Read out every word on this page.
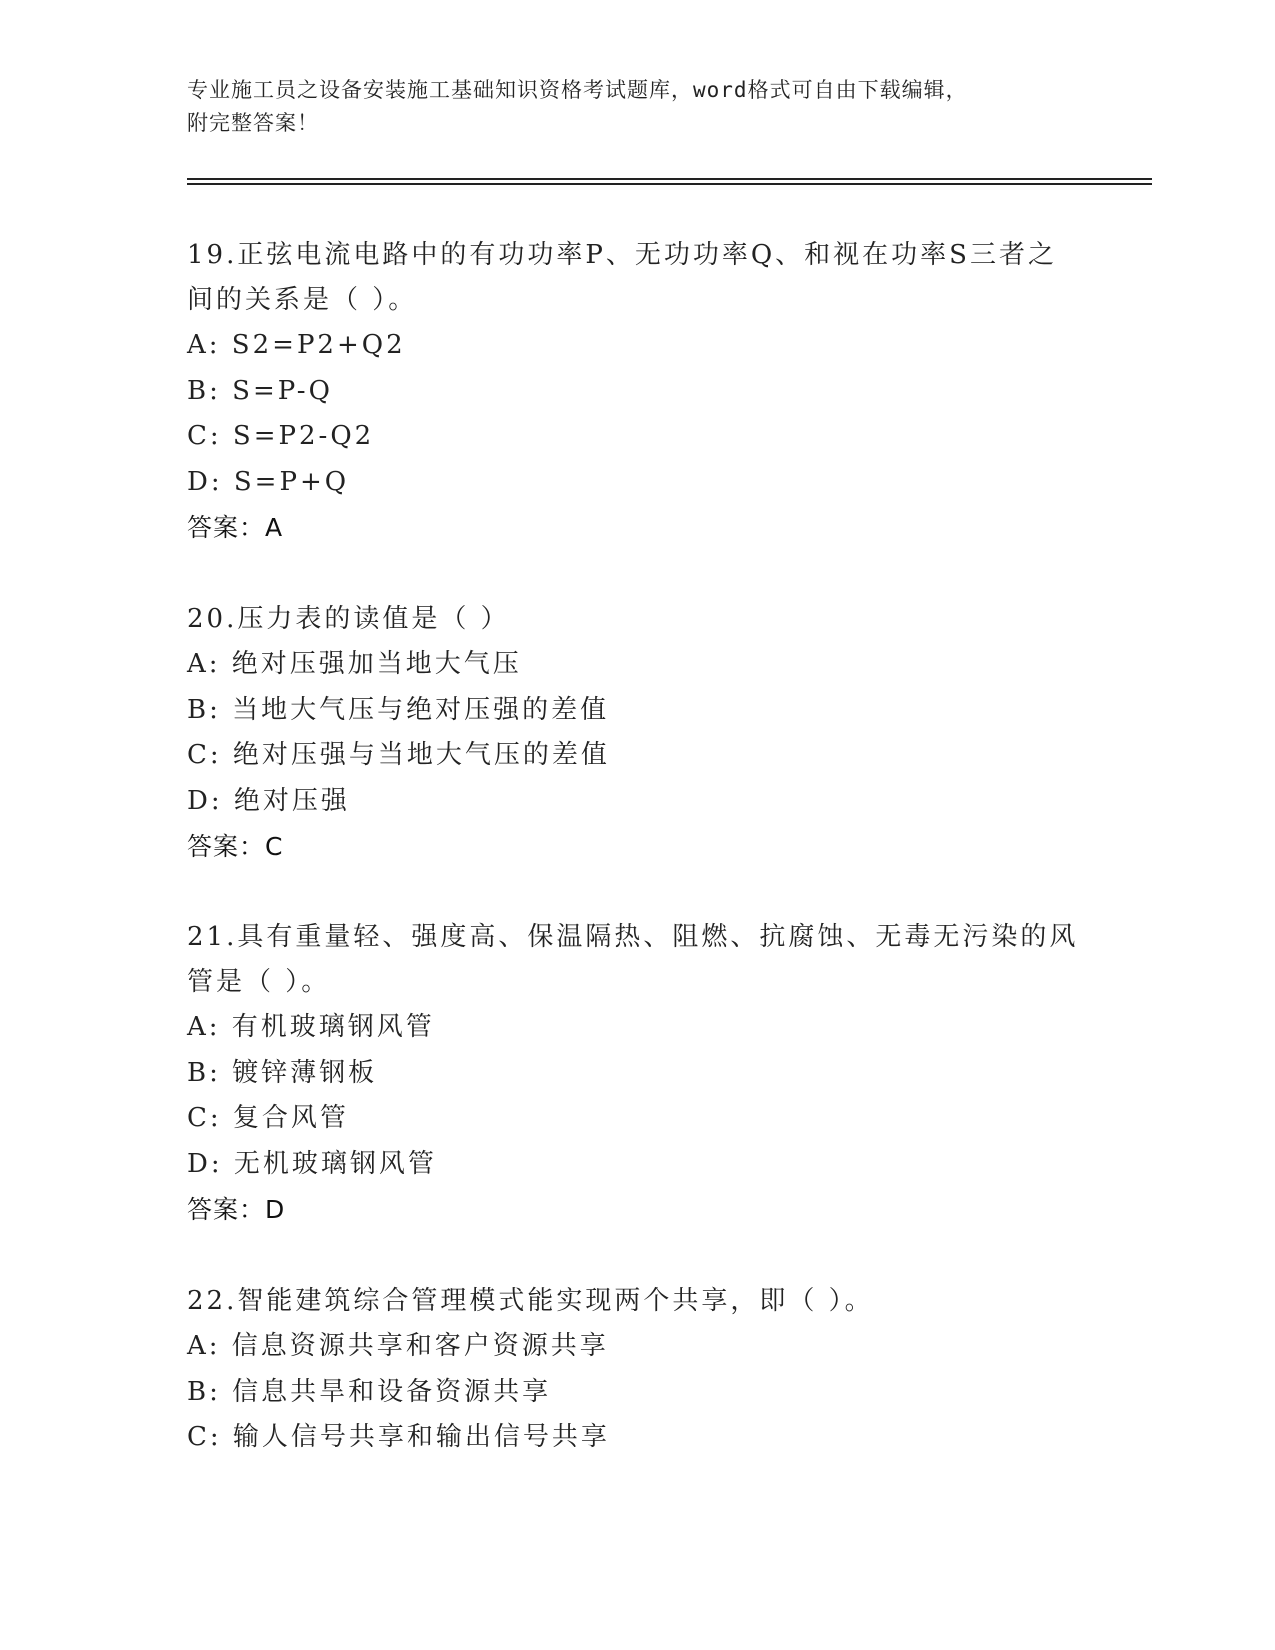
专业施工员之设备安装施工基础知识资格考试题库，word格式可自由下载编辑，
附完整答案！
19.正弦电流电路中的有功功率P、无功功率Q、和视在功率S三者之
间的关系是（ ）。
A: S2=P2+Q2
B: S=P-Q
C: S=P2-Q2
D: S=P+Q
答案：A
20.压力表的读值是（ ）
A: 绝对压强加当地大气压
B: 当地大气压与绝对压强的差值
C: 绝对压强与当地大气压的差值
D: 绝对压强
答案：C
21.具有重量轻、强度高、保温隔热、阻燃、抗腐蚀、无毒无污染的风
管是（ ）。
A: 有机玻璃钢风管
B: 镀锌薄钢板
C: 复合风管
D: 无机玻璃钢风管
答案：D
22.智能建筑综合管理模式能实现两个共享，即（ ）。
A: 信息资源共享和客户资源共享
B: 信息共旱和设备资源共享
C: 输人信号共享和输出信号共享
